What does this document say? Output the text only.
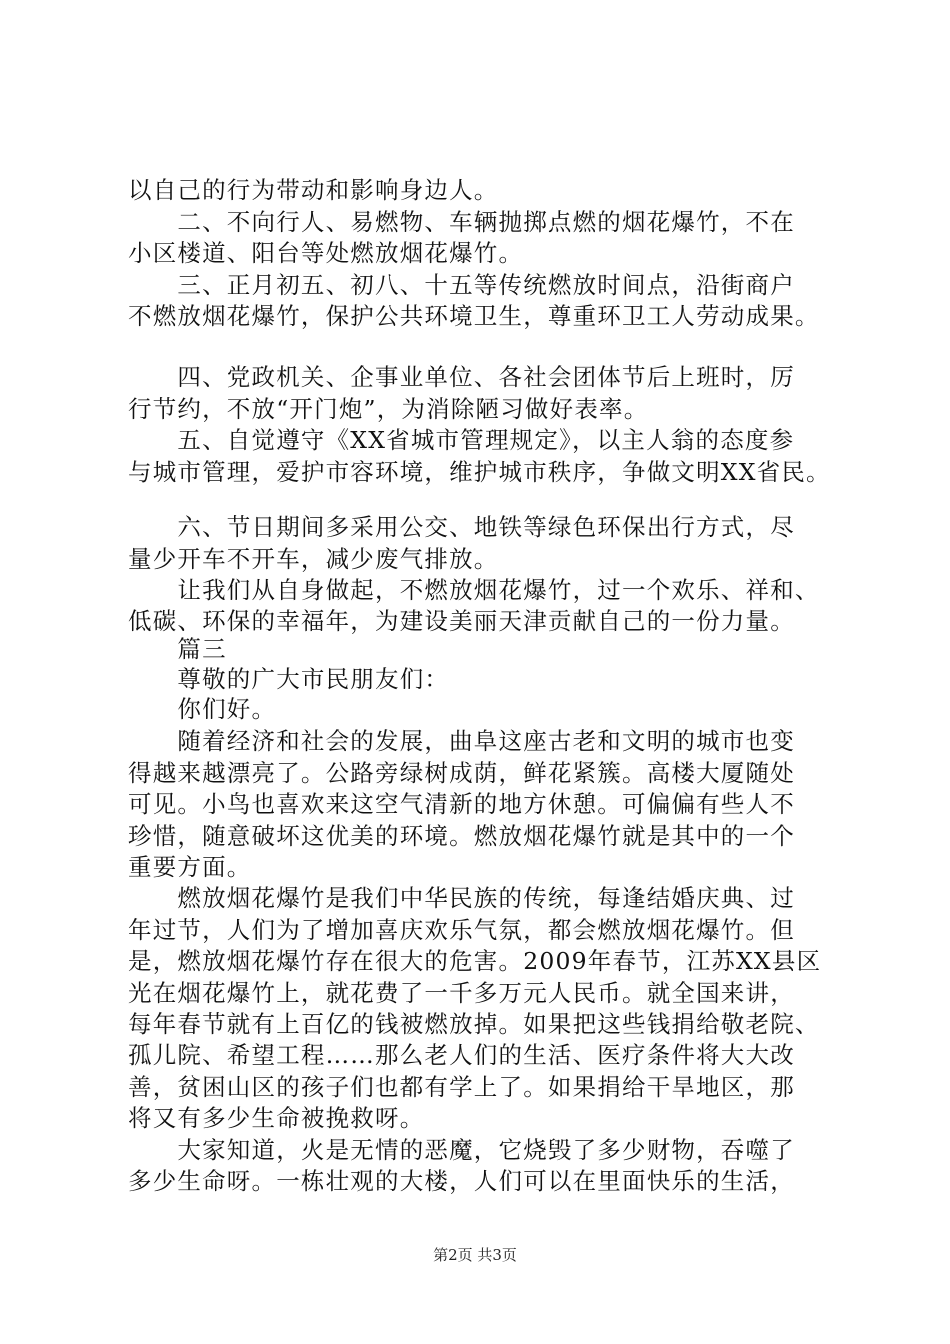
以自己的行为带动和影响身边人。
　　二、不向行人、易燃物、车辆抛掷点燃的烟花爆竹，不在
小区楼道、阳台等处燃放烟花爆竹。
　　三、正月初五、初八、十五等传统燃放时间点，沿街商户
不燃放烟花爆竹，保护公共环境卫生，尊重环卫工人劳动成果。
　　四、党政机关、企事业单位、各社会团体节后上班时，厉
行节约，不放“开门炮”，为消除陋习做好表率。
　　五、自觉遵守《XX省城市管理规定》，以主人翁的态度参
与城市管理，爱护市容环境，维护城市秩序，争做文明XX省民。
　　六、节日期间多采用公交、地铁等绿色环保出行方式，尽
量少开车不开车，减少废气排放。
　　让我们从自身做起，不燃放烟花爆竹，过一个欢乐、祥和、
低碳、环保的幸福年，为建设美丽天津贡献自己的一份力量。
　　篇三
　　尊敬的广大市民朋友们：
　　你们好。
　　随着经济和社会的发展，曲阜这座古老和文明的城市也变
得越来越漂亮了。公路旁绿树成荫，鲜花紧簇。高楼大厦随处
可见。小鸟也喜欢来这空气清新的地方休憩。可偏偏有些人不
珍惜，随意破坏这优美的环境。燃放烟花爆竹就是其中的一个
重要方面。
　　燃放烟花爆竹是我们中华民族的传统，每逢结婚庆典、过
年过节，人们为了增加喜庆欢乐气氛，都会燃放烟花爆竹。但
是，燃放烟花爆竹存在很大的危害。2009年春节，江苏XX县区
光在烟花爆竹上，就花费了一千多万元人民币。就全国来讲，
每年春节就有上百亿的钱被燃放掉。如果把这些钱捐给敬老院、
孤儿院、希望工程……那么老人们的生活、医疗条件将大大改
善，贫困山区的孩子们也都有学上了。如果捐给干旱地区，那
将又有多少生命被挽救呀。
　　大家知道，火是无情的恶魔，它烧毁了多少财物，吞噬了
多少生命呀。一栋壮观的大楼，人们可以在里面快乐的生活，
第2页 共3页
